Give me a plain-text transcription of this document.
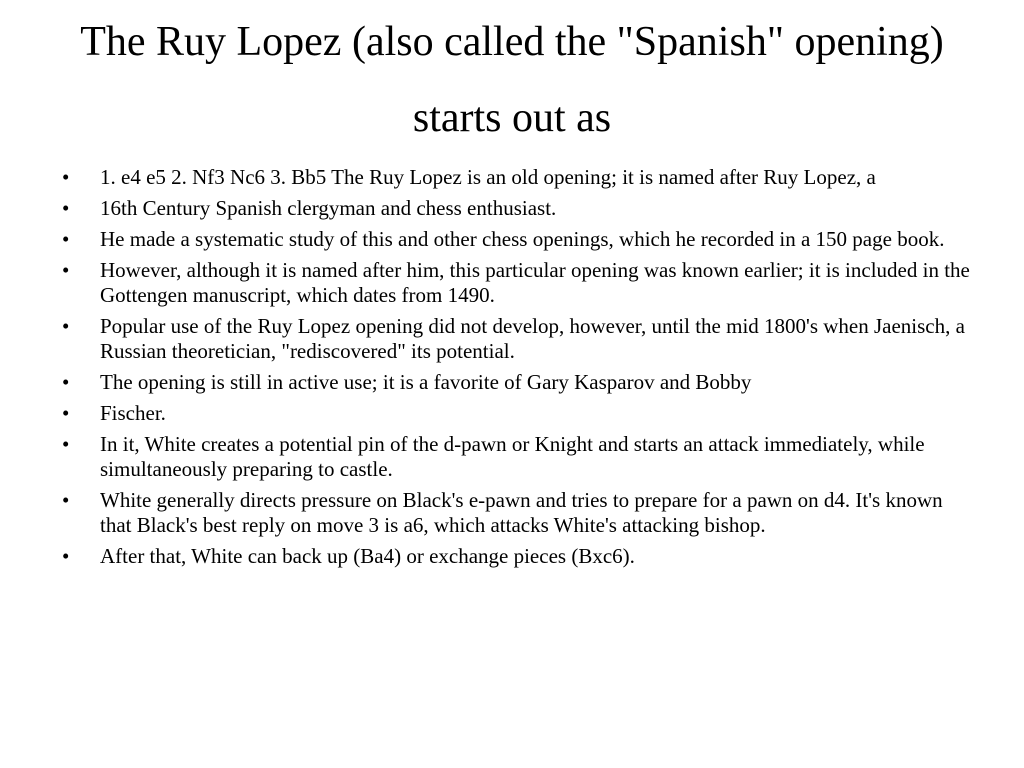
The Ruy Lopez (also called the "Spanish" opening) starts out as
• 1. e4 e5 2. Nf3 Nc6 3. Bb5 The Ruy Lopez is an old opening; it is named after Ruy Lopez, a
• 16th Century Spanish clergyman and chess enthusiast.
• He made a systematic study of this and other chess openings, which he recorded in a 150 page book.
• However, although it is named after him, this particular opening was known earlier; it is included in the Gottengen manuscript, which dates from 1490.
• Popular use of the Ruy Lopez opening did not develop, however, until the mid 1800's when Jaenisch, a Russian theoretician, "rediscovered" its potential.
• The opening is still in active use; it is a favorite of Gary Kasparov and Bobby
• Fischer.
• In it, White creates a potential pin of the d-pawn or Knight and starts an attack immediately, while simultaneously preparing to castle.
• White generally directs pressure on Black's e-pawn and tries to prepare for a pawn on d4. It's known that Black's best reply on move 3 is a6, which attacks White's attacking bishop.
• After that, White can back up (Ba4) or exchange pieces (Bxc6).
